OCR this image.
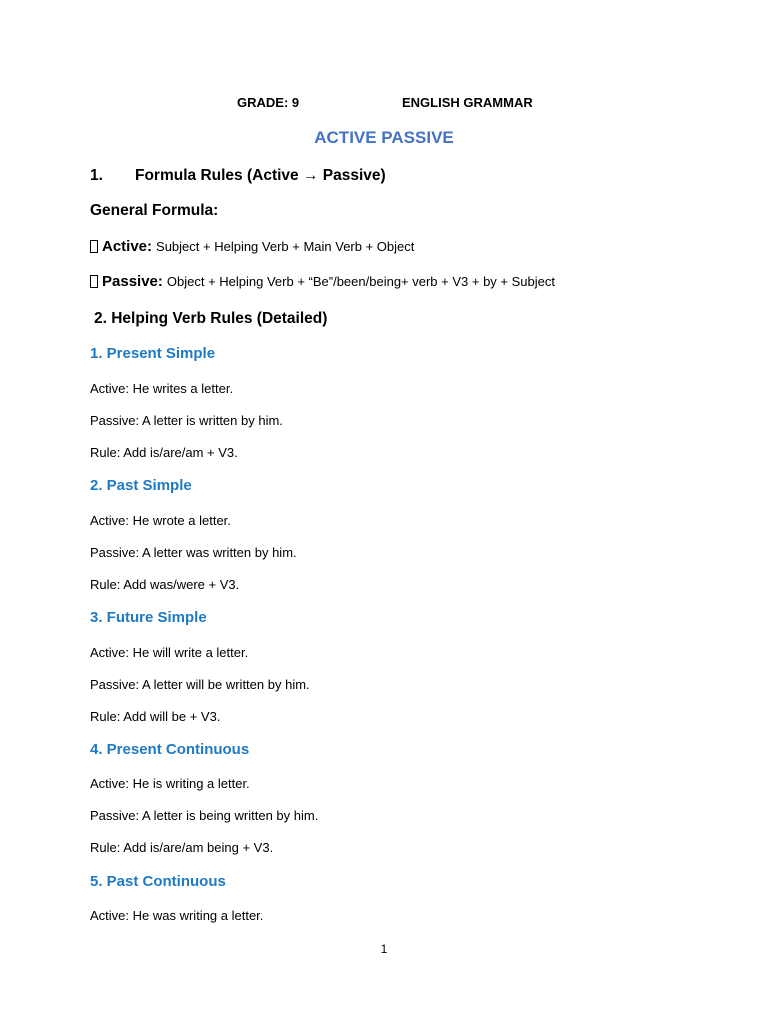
GRADE: 9	ENGLISH GRAMMAR
ACTIVE PASSIVE
1. Formula Rules (Active → Passive)
General Formula:
Active: Subject + Helping Verb + Main Verb + Object
Passive: Object + Helping Verb + “Be”/been/being+ verb + V3 + by + Subject
2. Helping Verb Rules (Detailed)
1. Present Simple
Active: He writes a letter.
Passive: A letter is written by him.
Rule: Add is/are/am + V3.
2. Past Simple
Active: He wrote a letter.
Passive: A letter was written by him.
Rule: Add was/were + V3.
3. Future Simple
Active: He will write a letter.
Passive: A letter will be written by him.
Rule: Add will be + V3.
4. Present Continuous
Active: He is writing a letter.
Passive: A letter is being written by him.
Rule: Add is/are/am being + V3.
5. Past Continuous
Active: He was writing a letter.
1
